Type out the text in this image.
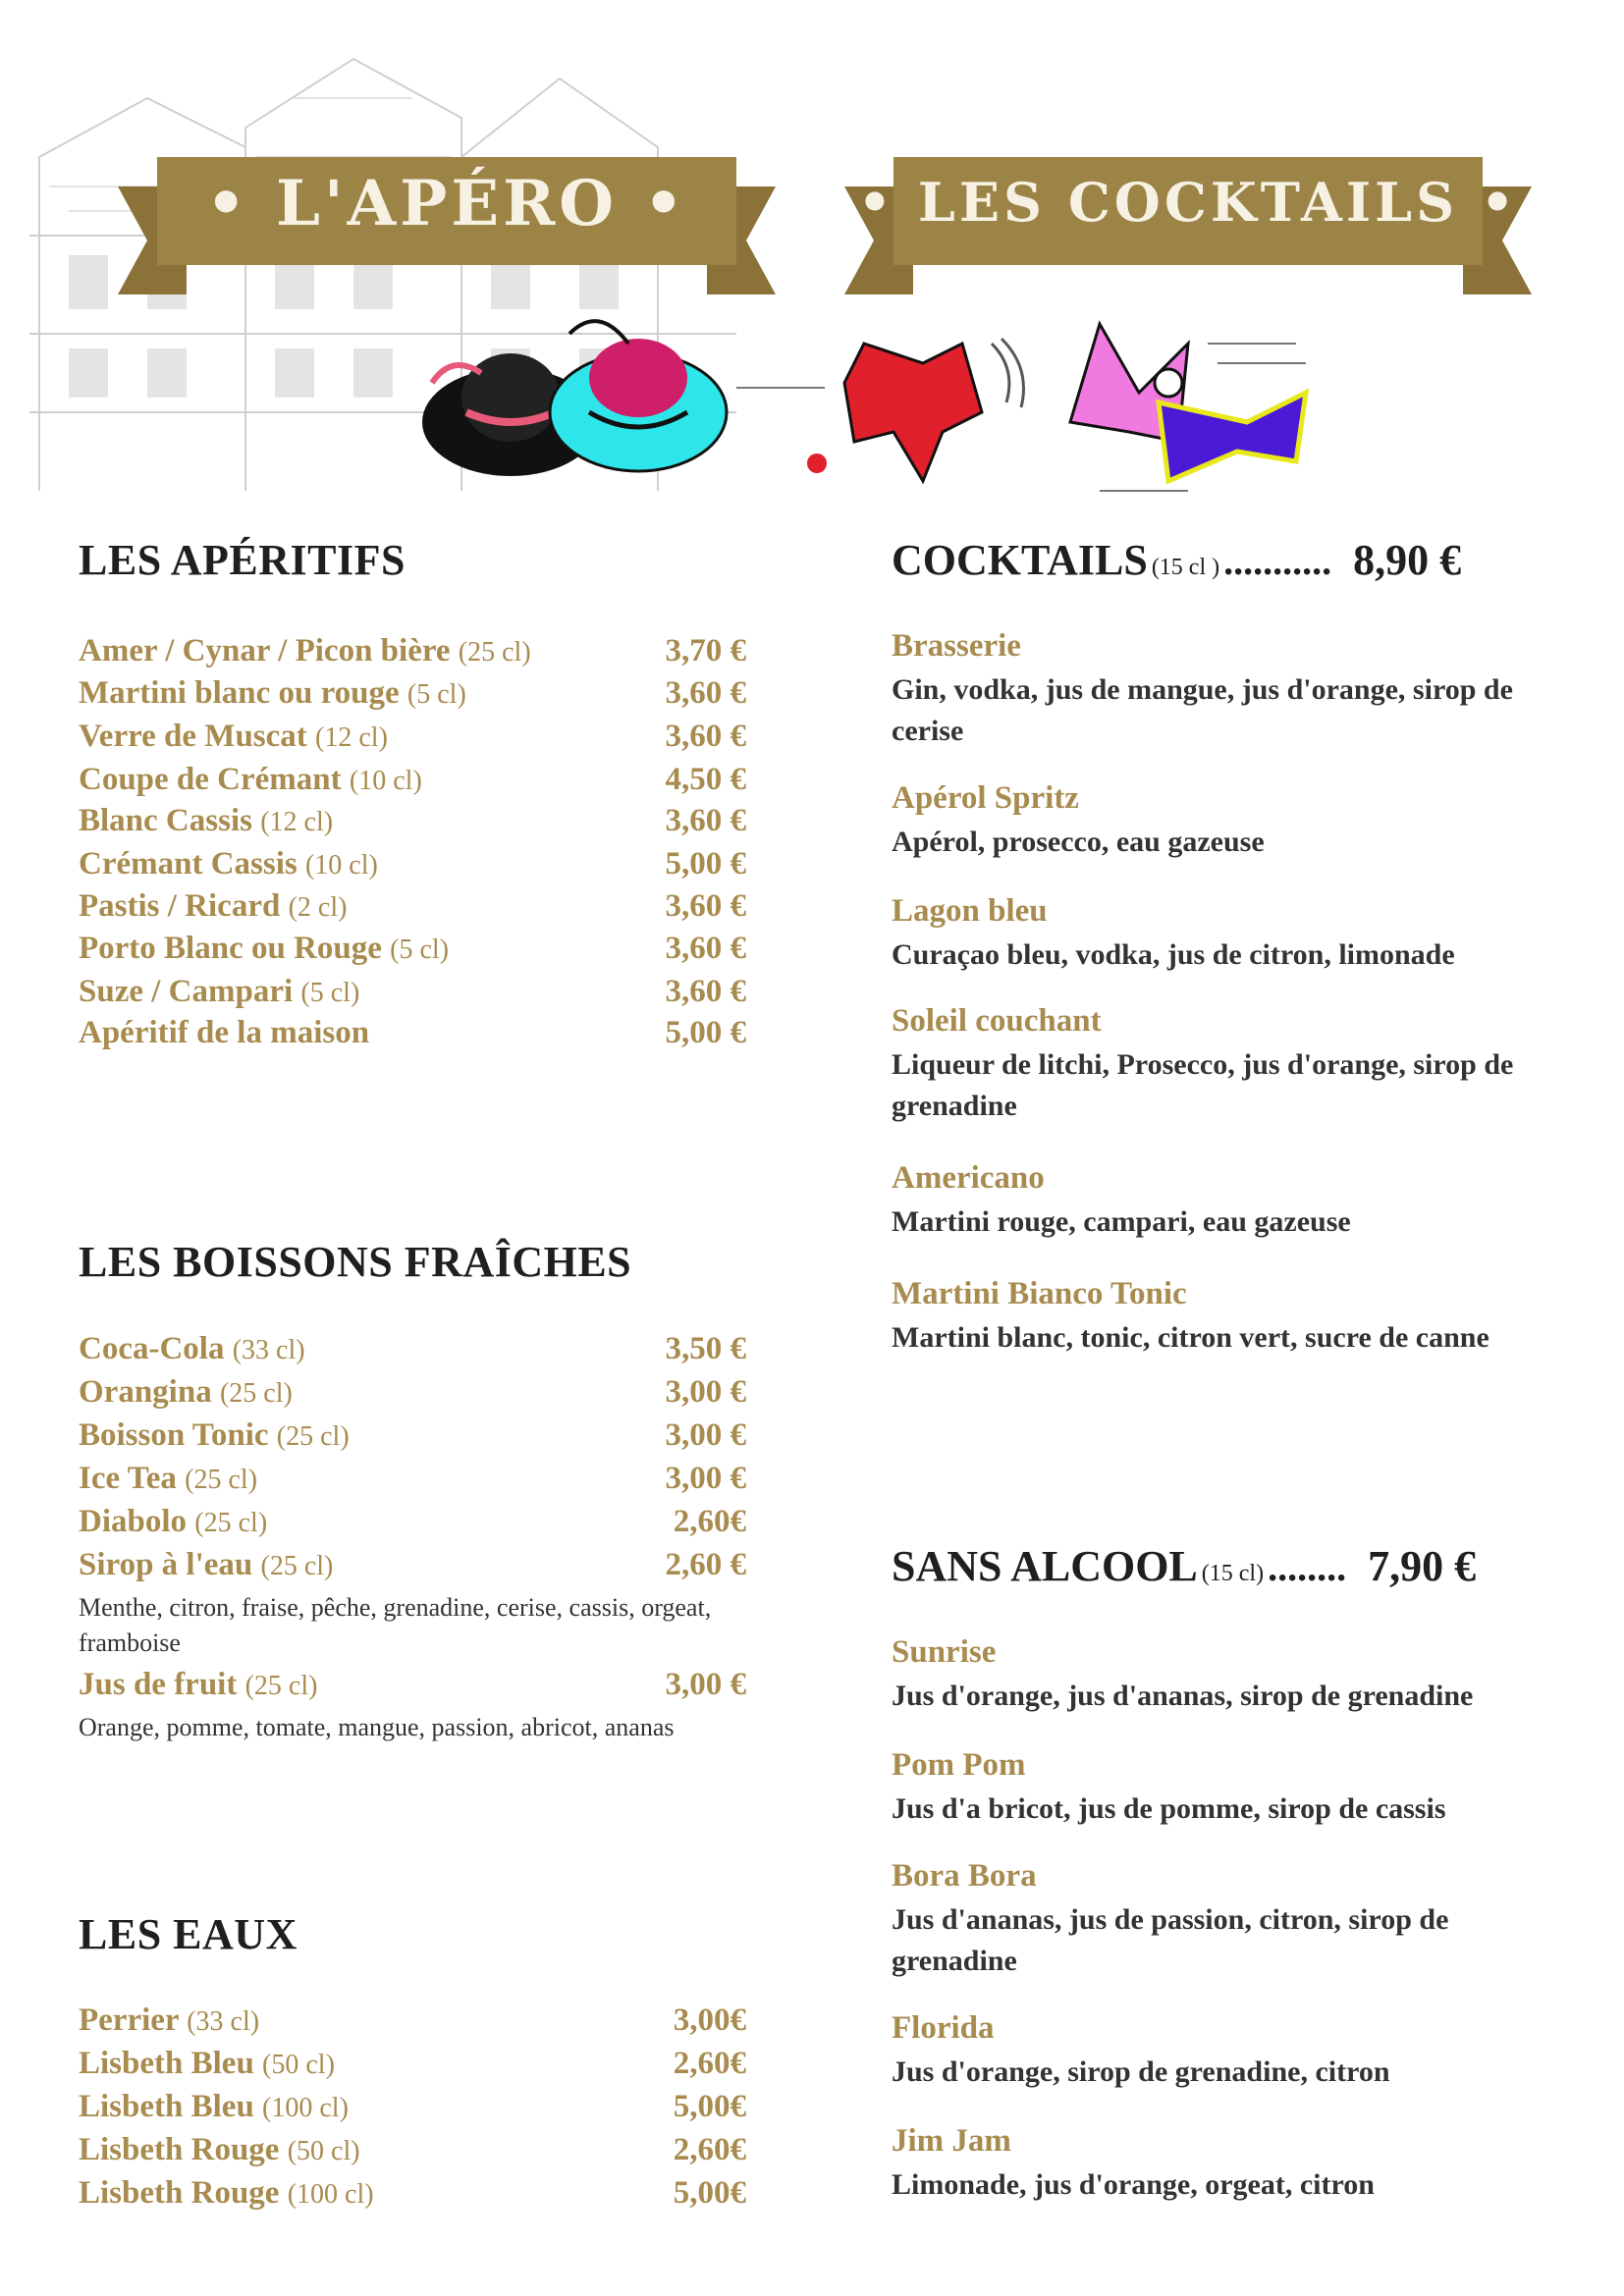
• L'APÉRO •	• LES COCKTAILS •
LES APÉRITIFS
Amer / Cynar / Picon bière (25 cl)	3,70 €
Martini blanc ou rouge (5 cl)	3,60 €
Verre de Muscat (12 cl)	3,60 €
Coupe de Crémant (10 cl)	4,50 €
Blanc Cassis (12 cl)	3,60 €
Crémant Cassis (10 cl)	5,00 €
Pastis / Ricard (2 cl)	3,60 €
Porto Blanc ou Rouge (5 cl)	3,60 €
Suze / Campari (5 cl)	3,60 €
Apéritif de la maison	5,00 €
LES BOISSONS FRAÎCHES
Coca-Cola (33 cl)	3,50 €
Orangina (25 cl)	3,00 €
Boisson Tonic (25 cl)	3,00 €
Ice Tea (25 cl)	3,00 €
Diabolo (25 cl)	2,60€
Sirop à l'eau (25 cl)	2,60 €
Jus de fruit (25 cl)	3,00 €
Menthe, citron, fraise, pêche, grenadine, cerise, cassis, orgeat, framboise
Orange, pomme, tomate, mangue, passion, abricot, ananas
LES EAUX
Perrier (33 cl)	3,00€
Lisbeth Bleu (50 cl)	2,60€
Lisbeth Bleu (100 cl)	5,00€
Lisbeth Rouge (50 cl)	2,60€
Lisbeth Rouge (100 cl)	5,00€
COCKTAILS (15 cl ) ........... 8,90 €
Brasserie
Gin, vodka, jus de mangue, jus d'orange, sirop de cerise
Apérol Spritz
Apérol, prosecco, eau gazeuse
Lagon bleu
Curaçao bleu, vodka, jus de citron, limonade
Soleil couchant
Liqueur de litchi, Prosecco, jus d'orange, sirop de grenadine
Americano
Martini rouge, campari, eau gazeuse
Martini Bianco Tonic
Martini blanc, tonic, citron vert, sucre de canne
SANS ALCOOL (15 cl) ........ 7,90 €
Sunrise
Jus d'orange, jus d'ananas, sirop de grenadine
Pom Pom
Jus d'a bricot, jus de pomme, sirop de cassis
Bora Bora
Jus d'ananas, jus de passion, citron, sirop de grenadine
Florida
Jus d'orange, sirop de grenadine, citron
Jim Jam
Limonade, jus d'orange, orgeat, citron
